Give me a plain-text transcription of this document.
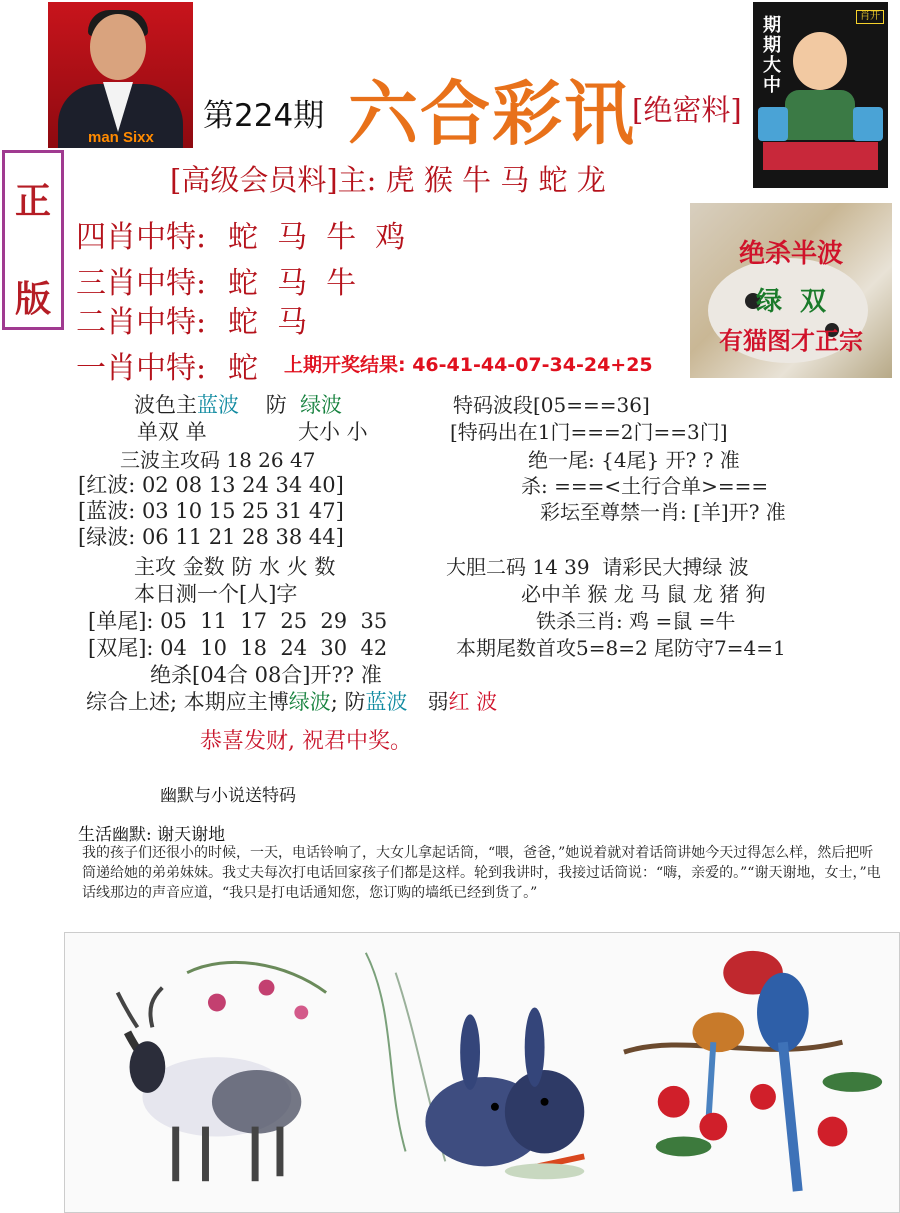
man Sixx
第224期 六合彩讯
[绝密料]
期期大中
肖开
正
版
[高级会员料]主: 虎 猴 牛 马 蛇 龙
四肖中特: 蛇  马  牛  鸡
三肖中特: 蛇  马  牛
二肖中特: 蛇  马
一肖中特: 蛇 上期开奖结果: 46-41-44-07-34-24+25
绝杀半波
绿  双
有猫图才正宗
波色主蓝波 防 绿波
单双 单	大小 小
三波主攻码 18 26 47
[红波: 02 08 13 24 34 40]
[蓝波: 03 10 15 25 31 47]
[绿波: 06 11 21 28 38 44]
主攻 金数 防 水 火 数
本日测一个[人]字
[单尾]: 05  11  17  25  29  35
[双尾]: 04  10  18  24  30  42
绝杀[04合 08合]开?? 准
特码波段[05===36]
[特码出在1门===2门==3门]
绝一尾: {4尾} 开? ? 准
杀: ===<土行合单>===
彩坛至尊禁一肖: [羊]开? 准
大胆二码 14 39  请彩民大搏绿 波
必中羊 猴 龙 马 鼠 龙 猪 狗
铁杀三肖: 鸡 =鼠 =牛
本期尾数首攻5=8=2 尾防守7=4=1
综合上述; 本期应主博绿波; 防蓝波 弱红 波
恭喜发财, 祝君中奖。
幽默与小说送特码
生活幽默: 谢天谢地
我的孩子们还很小的时候，一天，电话铃响了，大女儿拿起话筒，“喂，爸爸，”她说着就对着话筒讲她今天过得怎么样，然后把听筒递给她的弟弟妹妹。我丈夫每次打电话回家孩子们都是这样。轮到我讲时，我接过话筒说：“嗨，亲爱的。”“谢天谢地，女士，”电话线那边的声音应道，“我只是打电话通知您，您订购的墙纸已经到货了。”
